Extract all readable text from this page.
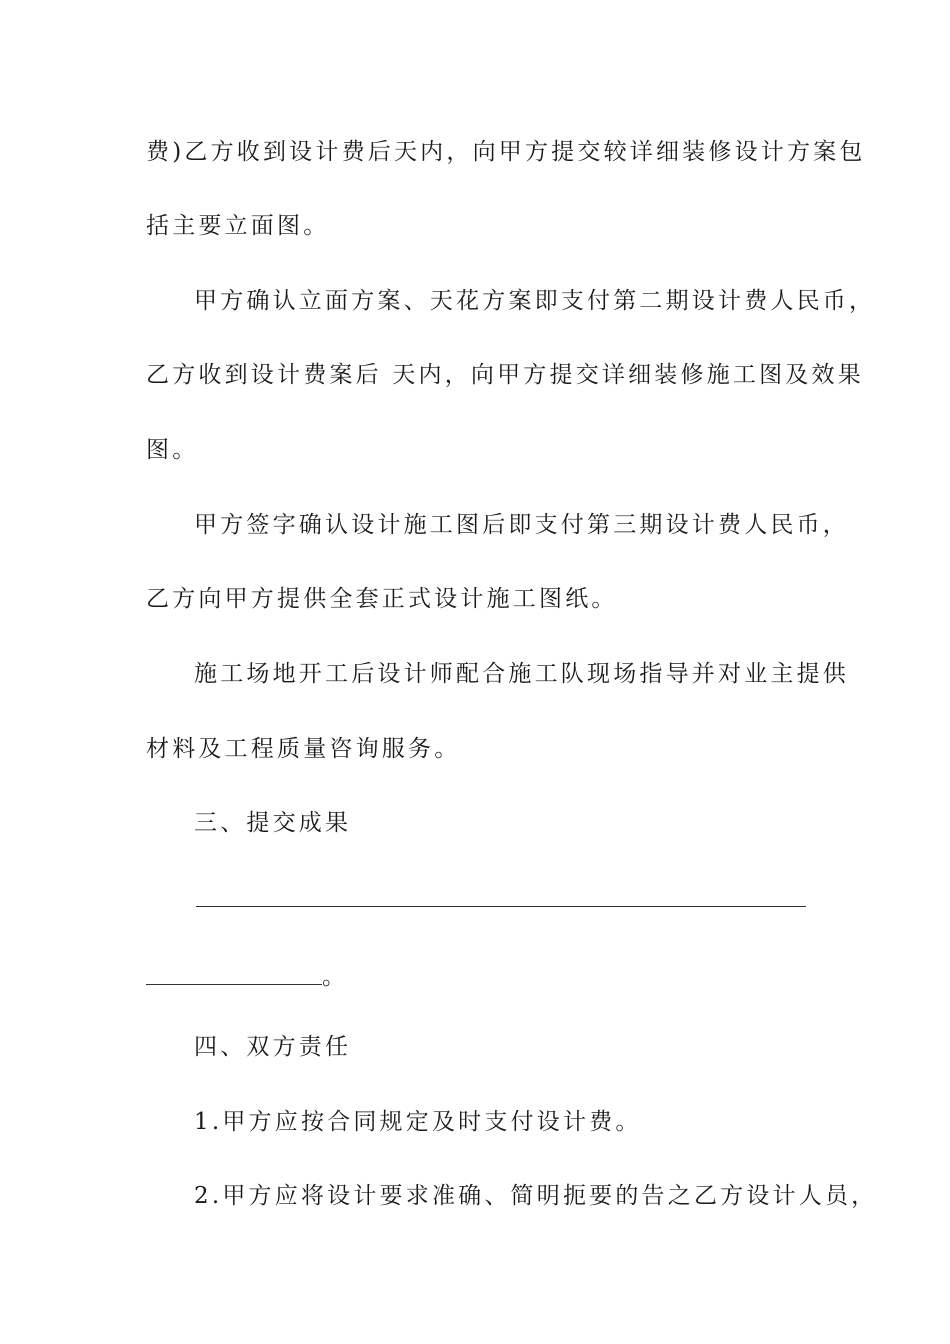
费)乙方收到设计费后天内，向甲方提交较详细装修设计方案包
括主要立面图。
甲方确认立面方案、天花方案即支付第二期设计费人民币，
乙方收到设计费案后 天内，向甲方提交详细装修施工图及效果
图。
甲方签字确认设计施工图后即支付第三期设计费人民币，
乙方向甲方提供全套正式设计施工图纸。
施工场地开工后设计师配合施工队现场指导并对业主提供
材料及工程质量咨询服务。
三、提交成果
。
四、双方责任
1.甲方应按合同规定及时支付设计费。
2.甲方应将设计要求准确、简明扼要的告之乙方设计人员，
